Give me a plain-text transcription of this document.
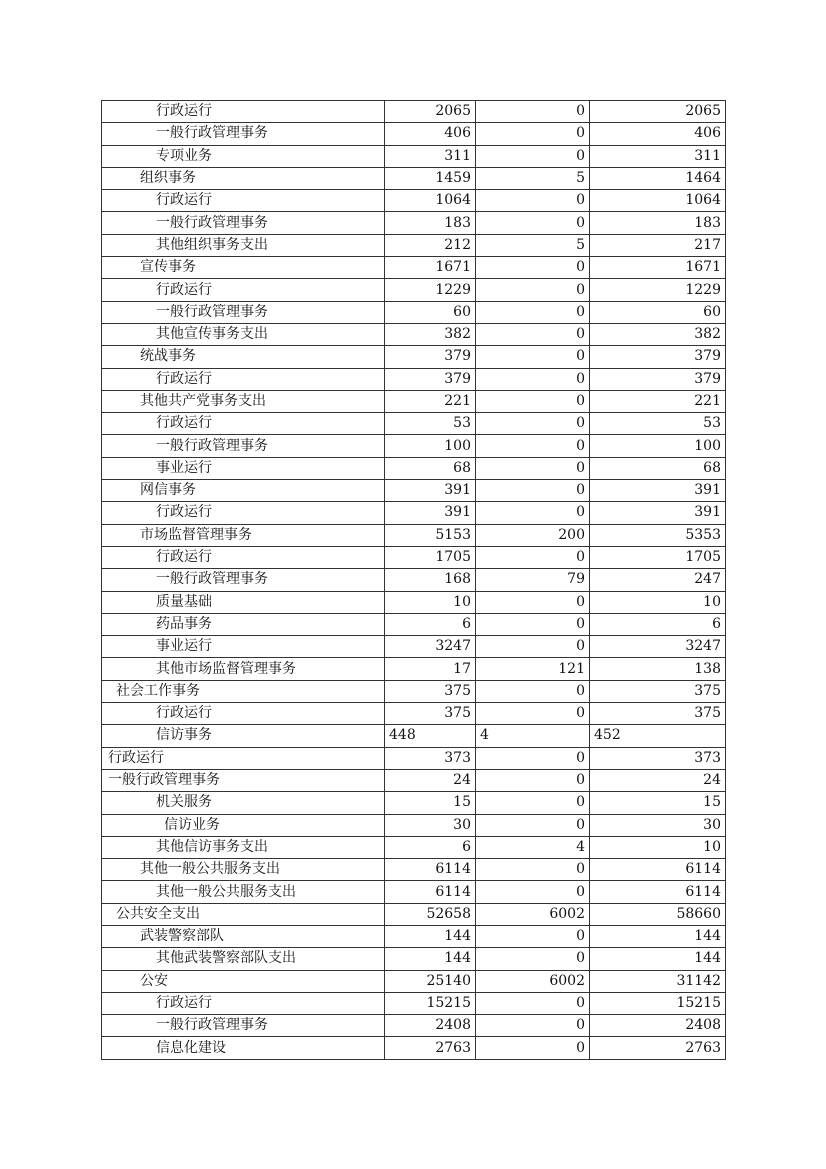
行政运行	2065	0	2065
一般行政管理事务	406	0	406
专项业务	311	0	311
组织事务	1459	5	1464
行政运行	1064	0	1064
一般行政管理事务	183	0	183
其他组织事务支出	212	5	217
宣传事务	1671	0	1671
行政运行	1229	0	1229
一般行政管理事务	60	0	60
其他宣传事务支出	382	0	382
统战事务	379	0	379
行政运行	379	0	379
其他共产党事务支出	221	0	221
行政运行	53	0	53
一般行政管理事务	100	0	100
事业运行	68	0	68
网信事务	391	0	391
行政运行	391	0	391
市场监督管理事务	5153	200	5353
行政运行	1705	0	1705
一般行政管理事务	168	79	247
质量基础	10	0	10
药品事务	6	0	6
事业运行	3247	0	3247
其他市场监督管理事务	17	121	138
社会工作事务	375	0	375
行政运行	375	0	375
信访事务	448	4	452
行政运行	373	0	373
一般行政管理事务	24	0	24
机关服务	15	0	15
信访业务	30	0	30
其他信访事务支出	6	4	10
其他一般公共服务支出	6114	0	6114
其他一般公共服务支出	6114	0	6114
公共安全支出	52658	6002	58660
武装警察部队	144	0	144
其他武装警察部队支出	144	0	144
公安	25140	6002	31142
行政运行	15215	0	15215
一般行政管理事务	2408	0	2408
信息化建设	2763	0	2763
